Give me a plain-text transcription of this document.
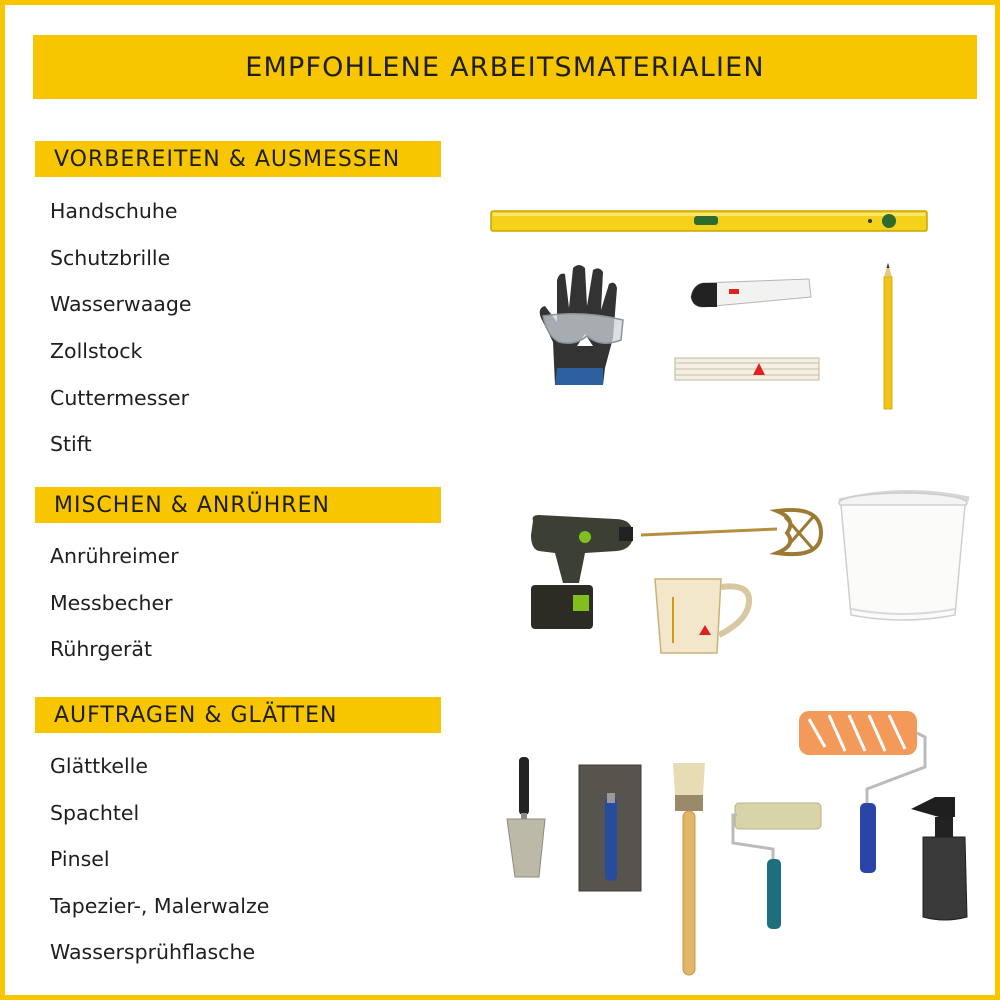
EMPFOHLENE ARBEITSMATERIALIEN
VORBEREITEN & AUSMESSEN
Handschuhe
Schutzbrille
Wasserwaage
Zollstock
Cuttermesser
Stift
MISCHEN & ANRÜHREN
Anrühreimer
Messbecher
Rührgerät
AUFTRAGEN & GLÄTTEN
Glättkelle
Spachtel
Pinsel
Tapezier-, Malerwalze
Wassersprühflasche
